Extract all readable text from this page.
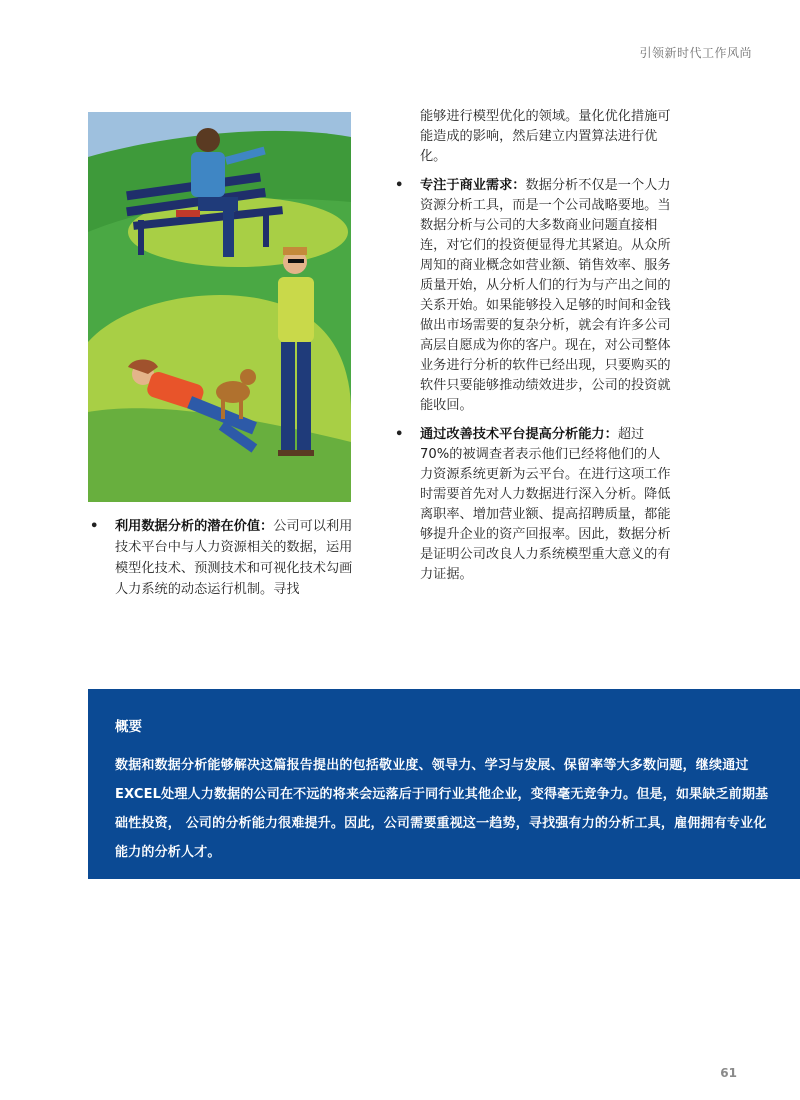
引领新时代工作风尚
• 利用数据分析的潜在价值：公司可以利用技术平台中与人力资源相关的数据，运用模型化技术、预测技术和可视化技术勾画人力系统的动态运行机制。寻找

能够进行模型优化的领域。量化优化措施可能造成的影响，然后建立内置算法进行优化。

• 专注于商业需求：数据分析不仅是一个人力资源分析工具，而是一个公司战略要地。当数据分析与公司的大多数商业问题直接相连，对它们的投资便显得尤其紧迫。从众所周知的商业概念如营业额、销售效率、服务质量开始，从分析人们的行为与产出之间的关系开始。如果能够投入足够的时间和金钱做出市场需要的复杂分析，就会有许多公司高层自愿成为你的客户。现在，对公司整体业务进行分析的软件已经出现，只要购买的软件只要能够推动绩效进步，公司的投资就能收回。
• 通过改善技术平台提高分析能力：超过70%的被调查者表示他们已经将他们的人力资源系统更新为云平台。在进行这项工作时需要首先对人力数据进行深入分析。降低离职率、增加营业额、提高招聘质量，都能够提升企业的资产回报率。因此，数据分析是证明公司改良人力系统模型重大意义的有力证据。

概要

数据和数据分析能够解决这篇报告提出的包括敬业度、领导力、学习与发展、保留率等大多数问题，继续通过EXCEL处理人力数据的公司在不远的将来会远落后于同行业其他企业，变得毫无竞争力。但是，如果缺乏前期基础性投资， 公司的分析能力很难提升。因此，公司需要重视这一趋势，寻找强有力的分析工具，雇佣拥有专业化能力的分析人才。

61
